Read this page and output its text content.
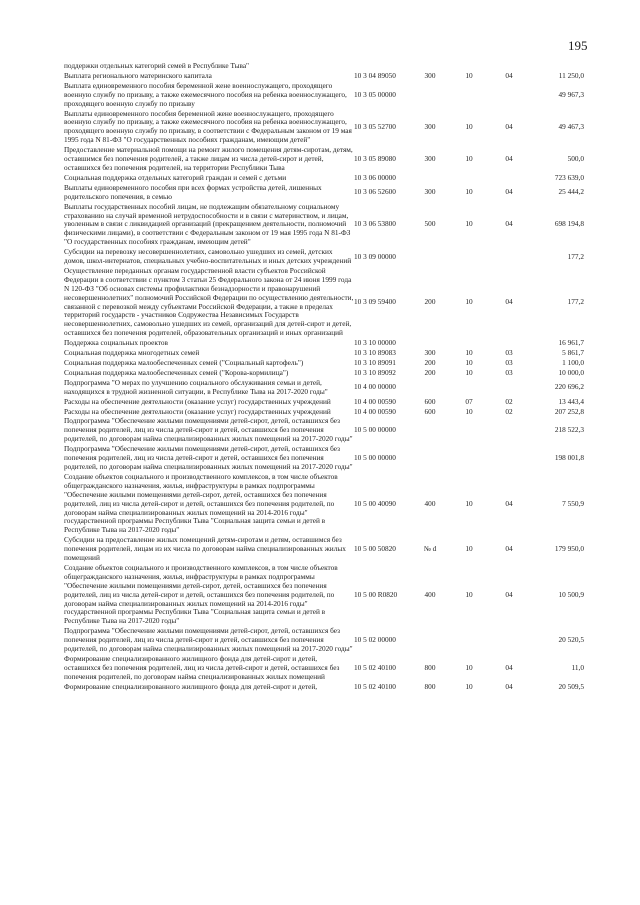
195
поддержки отдельных категорий семей в Республике Тыва"
Выплата регионального материнского капитала	10 3 04 89050	300	10	04	11 250,0
Выплата единовременного пособия беременной жене военнослужащего, проходящего военную службу по призыву, а также ежемесячного пособия на ребенка военнослужащего, проходящего военную службу по призыву
10 3 05 00000	49 967,3
Выплаты единовременного пособия беременной жене военнослужащего, проходящего военную службу по призыву, а также ежемесячного пособия на ребенка военнослужащего, проходящего военную службу по призыву, в соответствии с Федеральным законом от 19 мая 1995 года N 81-ФЗ "О государственных пособиях гражданам, имеющим детей"
10 3 05 52700	300	10	04	49 467,3
Предоставление материальной помощи на ремонт жилого помещения детям-сиротам, детям, оставшимся без попечения родителей, а также лицам из числа детей-сирот и детей, оставшихся без попечения родителей, на территории Республики Тыва
10 3 05 89080	300	10	04	500,0
Социальная поддержка отдельных категорий граждан и семей с детьми	10 3 06 00000	723 639,0
Выплаты единовременного пособия при всех формах устройства детей, лишенных родительского попечения, в семью	10 3 06 52600	300	10	04	25 444,2
Выплаты государственных пособий лицам, не подлежащим обязательному социальному страхованию на случай временной нетрудоспособности и в связи с материнством, и лицам, уволенным в связи с ликвидацией организаций (прекращением деятельности, полномочий физическими лицами), в соответствии с Федеральным законом от 19 мая 1995 года N 81-ФЗ "О государственных пособиях гражданам, имеющим детей"
10 3 06 53800	500	10	04	698 194,8
Субсидии на перевозку несовершеннолетних, самовольно ушедших из семей, детских домов, школ-интернатов, специальных учебно-воспитательных и иных детских учреждений 10 3 09 00000	177,2
Осуществление переданных органам государственной власти субъектов Российской Федерации в соответствии с пунктом 3 статьи 25 Федерального закона от 24 июня 1999 года N 120-ФЗ "Об основах системы профилактики безнадзорности и правонарушений несовершеннолетних" полномочий Российской Федерации по осуществлению деятельности, связанной с перевозкой между субъектами Российской Федерации, а также в пределах территорий государств - участников Содружества Независимых Государств несовершеннолетних, самовольно ушедших из семей, организаций для детей-сирот и детей, оставшихся без попечения родителей, образовательных организаций и иных организаций
10 3 09 59400	200	10	04	177,2
Поддержка социальных проектов	10 3 10 00000	16 961,7
Социальная поддержка многодетных семей	10 3 10 89083	300	10	03	5 861,7
Социальная поддержка малообеспеченных семей ("Социальный картофель")	10 3 10 89091	200	10	03	1 100,0
Социальная поддержка малообеспеченных семей ("Корова-кормилица")	10 3 10 89092	200	10	03	10 000,0
Подпрограмма "О мерах по улучшению социального обслуживания семьи и детей, находящихся в трудной жизненной ситуации, в Республике Тыва на 2017-2020 годы"	10 4 00 00000	220 696,2
Расходы на обеспечение деятельности (оказание услуг) государственных учреждений	10 4 00 00590	600	07	02	13 443,4
Расходы на обеспечение деятельности (оказание услуг) государственных учреждений	10 4 00 00590	600	10	02	207 252,8
Подпрограмма "Обеспечение жилыми помещениями детей-сирот, детей, оставшихся без попечения родителей, лиц из числа детей-сирот и детей, оставшихся без попечения родителей, по договорам найма специализированных жилых помещений на 2017-2020 годы"
10 5 00 00000	218 522,3
Подпрограмма "Обеспечение жилыми помещениями детей-сирот, детей, оставшихся без попечения родителей, лиц из числа детей-сирот и детей, оставшихся без попечения родителей, по договорам найма специализированных жилых помещений на 2017-2020 годы"
10 5 00 00000	198 001,8
Создание объектов социального и производственного комплексов, в том числе объектов общегражданского назначения, жилья, инфраструктуры в рамках подпрограммы "Обеспечение жилыми помещениями детей-сирот, детей, оставшихся без попечения родителей, лиц из числа детей-сирот и детей, оставшихся без попечения родителей, по договорам найма специализированных жилых помещений на 2014-2016 годы" государственной программы Республики Тыва "Социальная защита семьи и детей в Республике Тыва на 2017-2020 годы"
10 5 00 40090	400	10	04	7 550,9
Субсидии на предоставление жилых помещений детям-сиротам и детям, оставшимся без попечения родителей, лицам из их числа по договорам найма специализированных жилых помещений
10 5 00 50820	№ d	10	04	179 950,0
Создание объектов социального и производственного комплексов, в том числе объектов общегражданского назначения, жилья, инфраструктуры в рамках подпрограммы "Обеспечение жилыми помещениями детей-сирот, детей, оставшихся без попечения родителей, лиц из числа детей-сирот и детей, оставшихся без попечения родителей, по договорам найма специализированных жилых помещений на 2014-2016 годы" государственной программы Республики Тыва "Социальная защита семьи и детей в Республике Тыва на 2017-2020 годы"
10 5 00 R0820	400	10	04	10 500,9
Подпрограмма "Обеспечение жилыми помещениями детей-сирот, детей, оставшихся без попечения родителей, лиц из числа детей-сирот и детей, оставшихся без попечения родителей, по договорам найма специализированных жилых помещений на 2017-2020 годы"
10 5 02 00000	20 520,5
Формирование специализированного жилищного фонда для детей-сирот и детей, оставшихся без попечения родителей, лиц из числа детей-сирот и детей, оставшихся без попечения родителей, по договорам найма специализированных жилых помещений
10 5 02 40100	800	10	04	11,0
Формирование специализированного жилищного фонда для детей-сирот и детей,	10 5 02 40100	800	10	04	20 509,5
